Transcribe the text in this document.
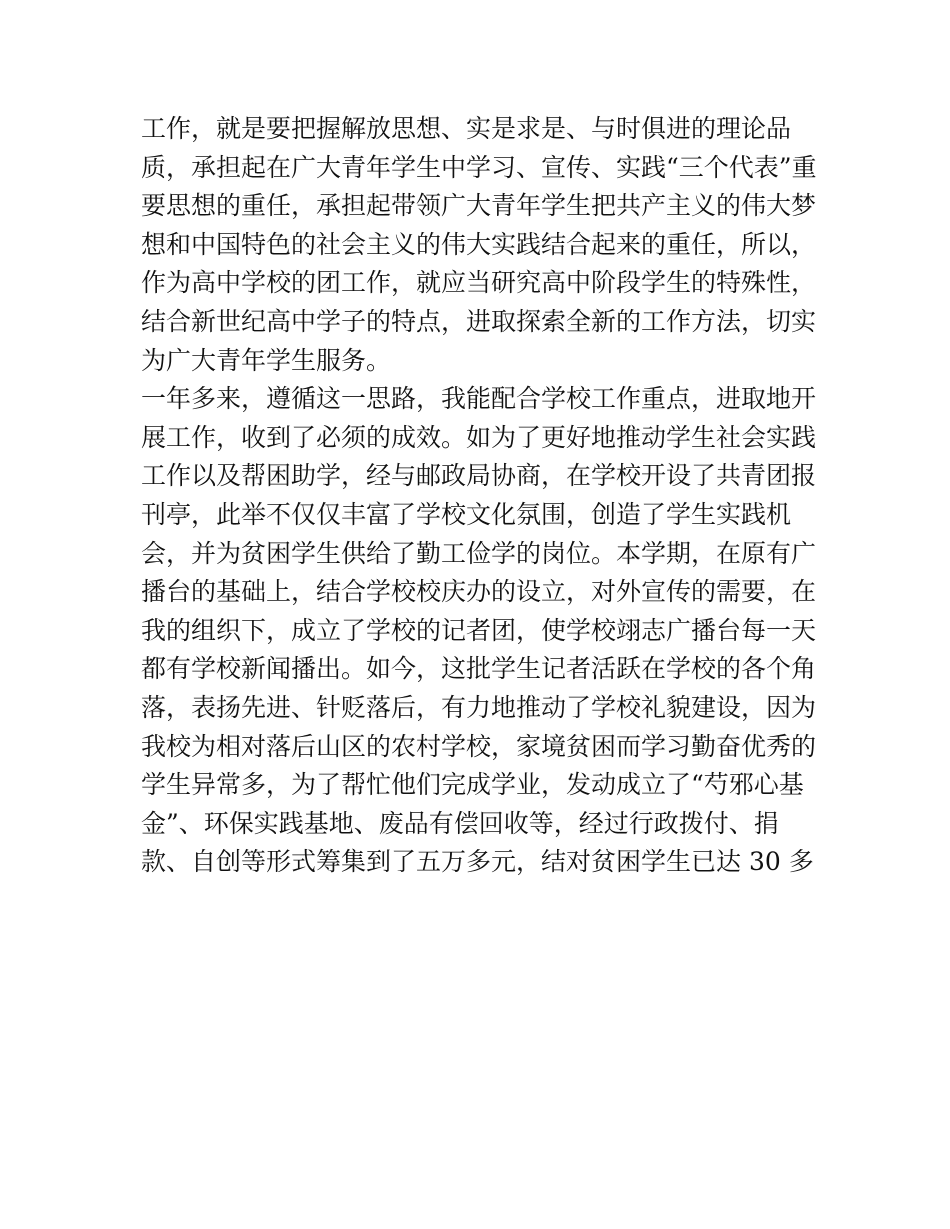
工作，就是要把握解放思想、实是求是、与时俱进的理论品
质，承担起在广大青年学生中学习、宣传、实践“三个代表”重
要思想的重任，承担起带领广大青年学生把共产主义的伟大梦
想和中国特色的社会主义的伟大实践结合起来的重任，所以，
作为高中学校的团工作，就应当研究高中阶段学生的特殊性，
结合新世纪高中学子的特点，进取探索全新的工作方法，切实
为广大青年学生服务。
一年多来，遵循这一思路，我能配合学校工作重点，进取地开
展工作，收到了必须的成效。如为了更好地推动学生社会实践
工作以及帮困助学，经与邮政局协商，在学校开设了共青团报
刊亭，此举不仅仅丰富了学校文化氛围，创造了学生实践机
会，并为贫困学生供给了勤工俭学的岗位。本学期，在原有广
播台的基础上，结合学校校庆办的设立，对外宣传的需要，在
我的组织下，成立了学校的记者团，使学校翊志广播台每一天
都有学校新闻播出。如今，这批学生记者活跃在学校的各个角
落，表扬先进、针贬落后，有力地推动了学校礼貌建设，因为
我校为相对落后山区的农村学校，家境贫困而学习勤奋优秀的
学生异常多，为了帮忙他们完成学业，发动成立了“芍邪心基
金”、环保实践基地、废品有偿回收等，经过行政拨付、捐
款、自创等形式筹集到了五万多元，结对贫困学生已达 30 多
